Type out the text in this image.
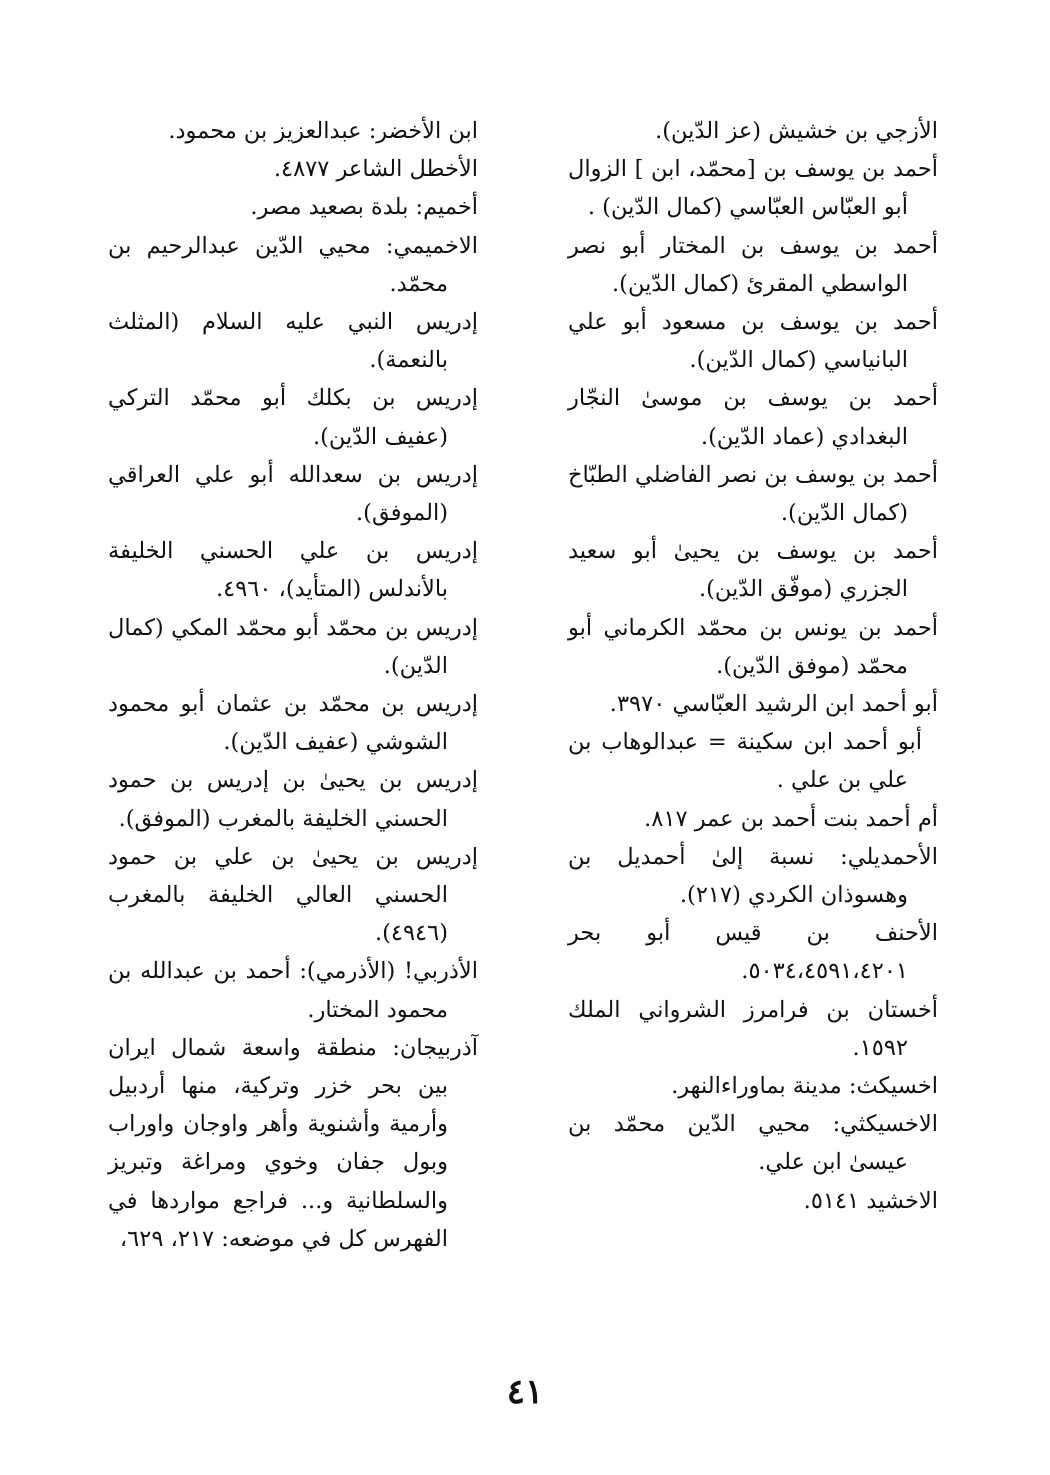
الأزجي بن خشيش (عز الدّين).

أحمد بن يوسف بن [محمّد، ابن ] الزوال أبو العبّاس العبّاسي (كمال الدّين) .

أحمد بن يوسف بن المختار أبو نصر الواسطي المقرئ (كمال الدّين).

أحمد بن يوسف بن مسعود أبو علي البانياسي (كمال الدّين).

أحمد بن يوسف بن موسىٰ النجّار البغدادي (عماد الدّين).

أحمد بن يوسف بن نصر الفاضلي الطبّاخ (كمال الدّين).

أحمد بن يوسف بن يحيىٰ أبو سعيد الجزري (موفّق الدّين).

أحمد بن يونس بن محمّد الكرماني أبو محمّد (موفق الدّين).

أبو أحمد ابن الرشيد العبّاسي ٣٩٧٠.

أبو أحمد ابن سكينة = عبدالوهاب بن علي بن علي .

أم أحمد بنت أحمد بن عمر ٨١٧.

الأحمديلي: نسبة إلىٰ أحمديل بن وهسوذان الكردي (٢١٧).

الأحنف بن قيس أبو بحر ٥٠٣٤،٤٥٩١،٤٢٠١.

أخستان بن فرامرز الشرواني الملك ١٥٩٢.

اخسيكث: مدينة بماوراءالنهر.

الاخسيكثي: محيي الدّين محمّد بن عيسىٰ ابن علي.

الاخشيد ٥١٤١.

ابن الأخضر: عبدالعزيز بن محمود.

الأخطل الشاعر ٤٨٧٧.

أخميم: بلدة بصعيد مصر.

الاخميمي: محيي الدّين عبدالرحيم بن محمّد.

إدريس النبي عليه السلام (المثلث بالنعمة).

إدريس بن بكلك أبو محمّد التركي (عفيف الدّين).

إدريس بن سعدالله أبو علي العراقي (الموفق).

إدريس بن علي الحسني الخليفة بالأندلس (المتأيد)، ٤٩٦٠.

إدريس بن محمّد أبو محمّد المكي (كمال الدّين).

إدريس بن محمّد بن عثمان أبو محمود الشوشي (عفيف الدّين).

إدريس بن يحيىٰ بن إدريس بن حمود الحسني الخليفة بالمغرب (الموفق).

إدريس بن يحيىٰ بن علي بن حمود الحسني العالي الخليفة بالمغرب (٤٩٤٦).

الأذربي! (الأذرمي): أحمد بن عبدالله بن محمود المختار.

آذربيجان: منطقة واسعة شمال ايران بين بحر خزر وتركية، منها أردبيل وأرمية وأشنوية وأهر واوجان واوراب وبول جفان وخوي ومراغة وتبريز والسلطانية و... فراجع مواردها في الفهرس كل في موضعه: ٢١٧، ٦٢٩،

٤١
